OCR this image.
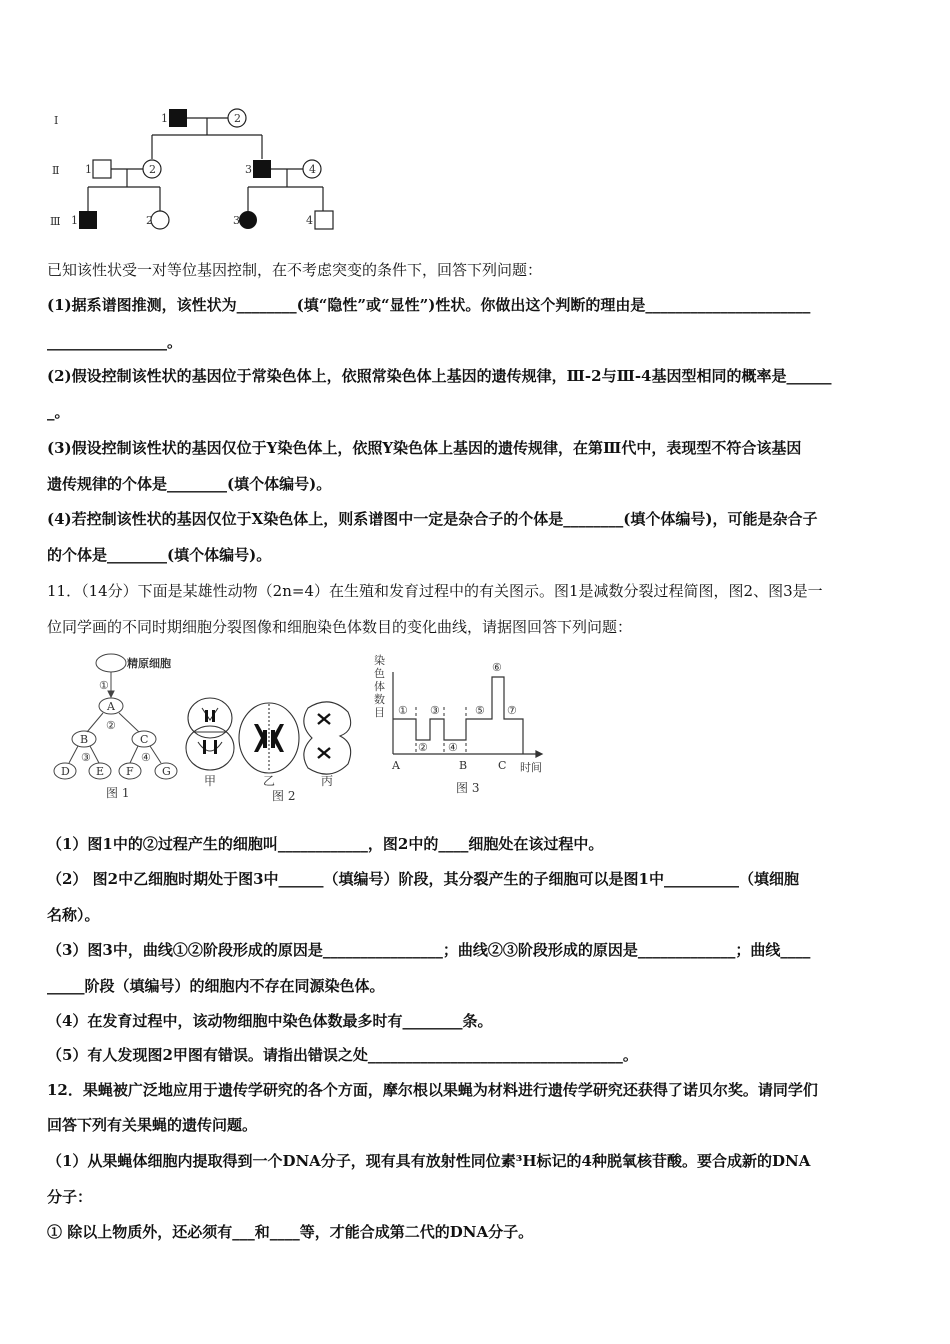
Ⅰ
Ⅱ
Ⅲ
1	2
1	2	3	4
1	2	3	4
已知该性状受一对等位基因控制，在不考虑突变的条件下，回答下列问题：
(1)据系谱图推测，该性状为________(填“隐性”或“显性”)性状。你做出这个判断的理由是______________________
________________。
(2)假设控制该性状的基因位于常染色体上，依照常染色体上基因的遗传规律，Ⅲ-2与Ⅲ-4基因型相同的概率是______
_。
(3)假设控制该性状的基因仅位于Y染色体上，依照Y染色体上基因的遗传规律，在第Ⅲ代中，表现型不符合该基因
遗传规律的个体是________(填个体编号)。
(4)若控制该性状的基因仅位于X染色体上，则系谱图中一定是杂合子的个体是________(填个体编号)，可能是杂合子
的个体是________(填个体编号)。
11．（14分）下面是某雄性动物（2n=4）在生殖和发育过程中的有关图示。图1是减数分裂过程简图，图2、图3是一
位同学画的不同时期细胞分裂图像和细胞染色体数目的变化曲线，请据图回答下列问题：
精原细胞
①
A
②
B	C
③	④
D E F	G
图 1
甲	乙	丙
图 2
染
色
体
数
目 ①
②
③
④
⑤
⑥
⑦
A	B	C 时间
图 3
（1）图1中的②过程产生的细胞叫____________，图2中的____细胞处在该过程中。
（2） 图2中乙细胞时期处于图3中______（填编号）阶段，其分裂产生的子细胞可以是图1中__________（填细胞
名称）。
（3）图3中，曲线①②阶段形成的原因是________________；曲线②③阶段形成的原因是_____________；曲线____
_____阶段（填编号）的细胞内不存在同源染色体。
（4）在发育过程中，该动物细胞中染色体数最多时有________条。
（5）有人发现图2甲图有错误。请指出错误之处__________________________________。
12．果蝇被广泛地应用于遗传学研究的各个方面，摩尔根以果蝇为材料进行遗传学研究还获得了诺贝尔奖。请同学们
回答下列有关果蝇的遗传问题。
（1）从果蝇体细胞内提取得到一个DNA分子，现有具有放射性同位素³H标记的4种脱氧核苷酸。要合成新的DNA
分子：
① 除以上物质外，还必须有___和____等，才能合成第二代的DNA分子。
